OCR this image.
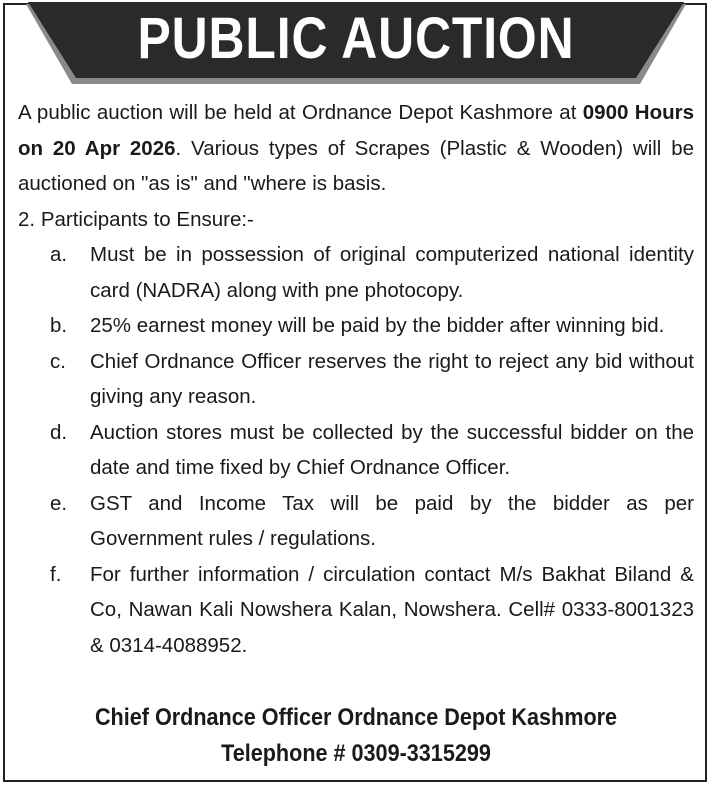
PUBLIC AUCTION

A public auction will be held at Ordnance Depot Kashmore at 0900 Hours on 20 Apr 2026. Various types of Scrapes (Plastic & Wooden) will be auctioned on "as is" and "where is basis.

2. Participants to Ensure:-

a. Must be in possession of original computerized national identity card (NADRA) along with pne photocopy.
b. 25% earnest money will be paid by the bidder after winning bid.
c. Chief Ordnance Officer reserves the right to reject any bid without giving any reason.
d. Auction stores must be collected by the successful bidder on the date and time fixed by Chief Ordnance Officer.
e. GST and Income Tax will be paid by the bidder as per Government rules / regulations.
f. For further information / circulation contact M/s Bakhat Biland & Co, Nawan Kali Nowshera Kalan, Nowshera. Cell# 0333-8001323 & 0314-4088952.
Chief Ordnance Officer Ordnance Depot Kashmore
Telephone # 0309-3315299
